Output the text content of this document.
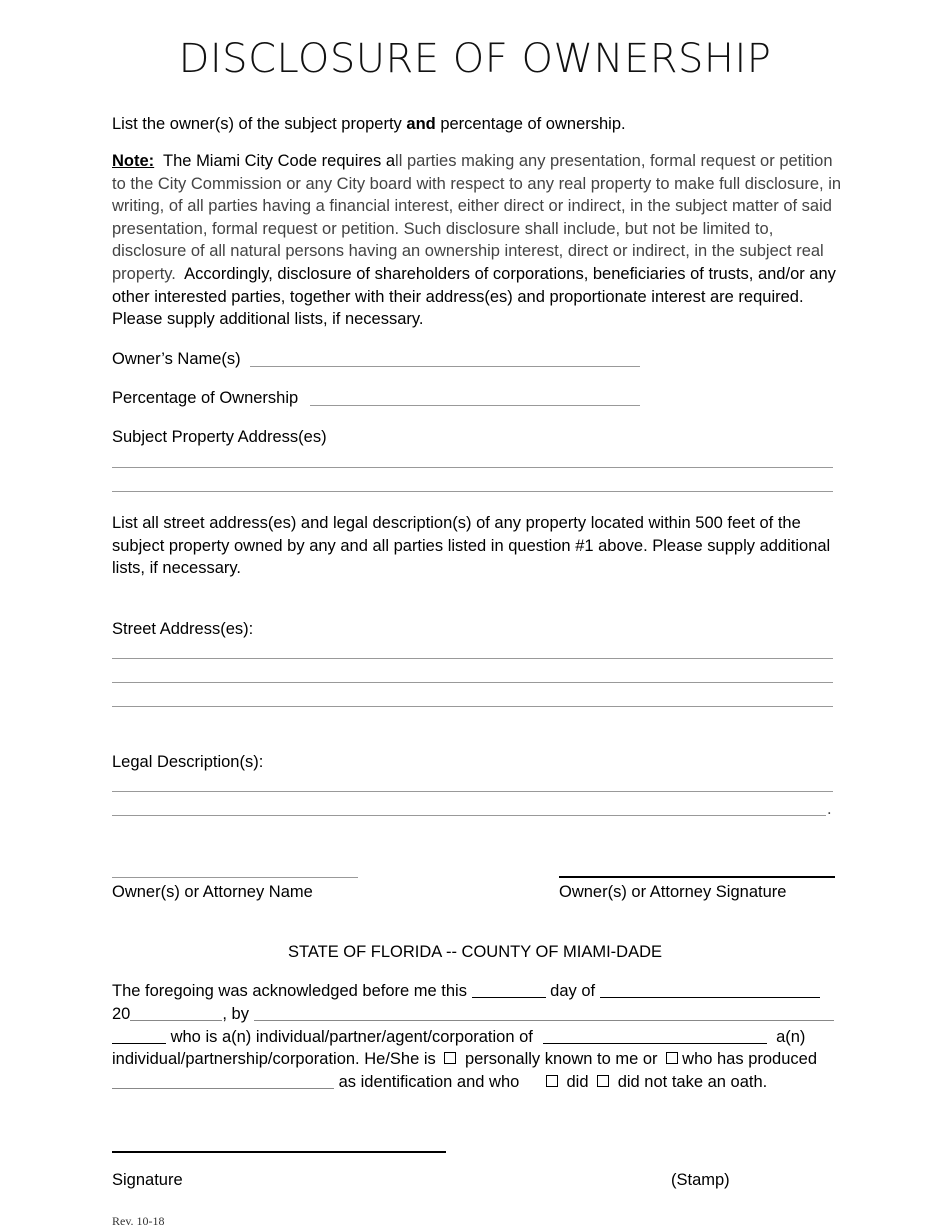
DISCLOSURE OF OWNERSHIP
List the owner(s) of the subject property and percentage of ownership.
Note: The Miami City Code requires all parties making any presentation, formal request or petition to the City Commission or any City board with respect to any real property to make full disclosure, in writing, of all parties having a financial interest, either direct or indirect, in the subject matter of said presentation, formal request or petition. Such disclosure shall include, but not be limited to, disclosure of all natural persons having an ownership interest, direct or indirect, in the subject real property. Accordingly, disclosure of shareholders of corporations, beneficiaries of trusts, and/or any other interested parties, together with their address(es) and proportionate interest are required. Please supply additional lists, if necessary.
Owner’s Name(s)
Percentage of Ownership
Subject Property Address(es)
List all street address(es) and legal description(s) of any property located within 500 feet of the subject property owned by any and all parties listed in question #1 above. Please supply additional lists, if necessary.
Street Address(es):
Legal Description(s):
.
Owner(s) or Attorney Name	Owner(s) or Attorney Signature
STATE OF FLORIDA -- COUNTY OF MIAMI-DADE
The foregoing was acknowledged before me this	day of
20	, by
who is a(n) individual/partner/agent/corporation of	a(n)
individual/partnership/corporation. He/She is personally known to me or who has produced
as identification and who	did did not take an oath.
Signature	(Stamp)
Rev. 10-18
